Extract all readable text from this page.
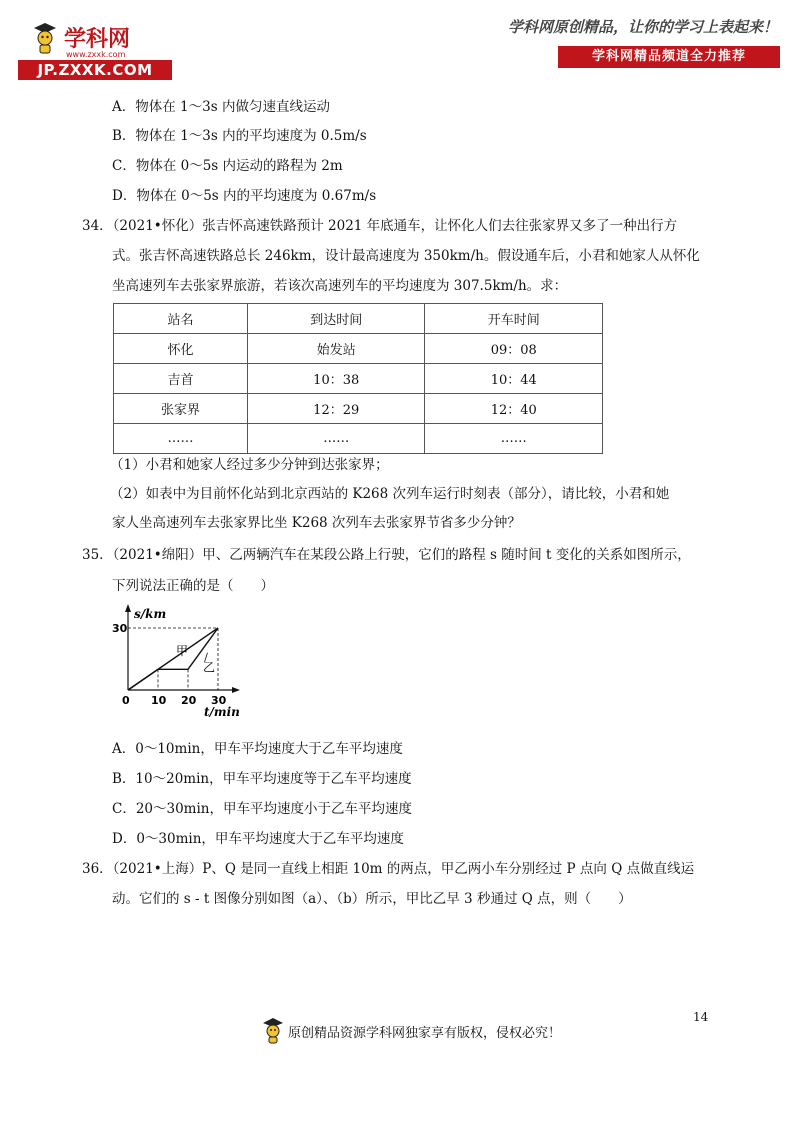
学科网
www.zxxk.com
JP.ZXXK.COM
学科网原创精品，让你的学习上表起来！
学科网精品频道全力推荐
A．物体在 1～3s 内做匀速直线运动
B．物体在 1～3s 内的平均速度为 0.5m/s
C．物体在 0～5s 内运动的路程为 2m
D．物体在 0～5s 内的平均速度为 0.67m/s
34．（2021•怀化）张吉怀高速铁路预计 2021 年底通车，让怀化人们去往张家界又多了一种出行方
式。张吉怀高速铁路总长 246km，设计最高速度为 350km/h。假设通车后，小君和她家人从怀化
坐高速列车去张家界旅游，若该次高速列车的平均速度为 307.5km/h。求：
站名	到达时间	开车时间
怀化	始发站	09：08
吉首	10：38	10：44
张家界	12：29	12：40
……	……	……
（1）小君和她家人经过多少分钟到达张家界；
（2）如表中为目前怀化站到北京西站的 K268 次列车运行时刻表（部分），请比较，小君和她
家人坐高速列车去张家界比坐 K268 次列车去张家界节省多少分钟？
35．（2021•绵阳）甲、乙两辆汽车在某段公路上行驶，它们的路程 s 随时间 t 变化的关系如图所示，
下列说法正确的是（　　）
s/km
t/min
0 10 20 30
30
甲
乙
A．0～10min，甲车平均速度大于乙车平均速度
B．10～20min，甲车平均速度等于乙车平均速度
C．20～30min，甲车平均速度小于乙车平均速度
D．0～30min，甲车平均速度大于乙车平均速度
36．（2021•上海）P、Q 是同一直线上相距 10m 的两点，甲乙两小车分别经过 P 点向 Q 点做直线运
动。它们的 s - t 图像分别如图（a）、（b）所示，甲比乙早 3 秒通过 Q 点，则（　　）
14
原创精品资源学科网独家享有版权，侵权必究！
